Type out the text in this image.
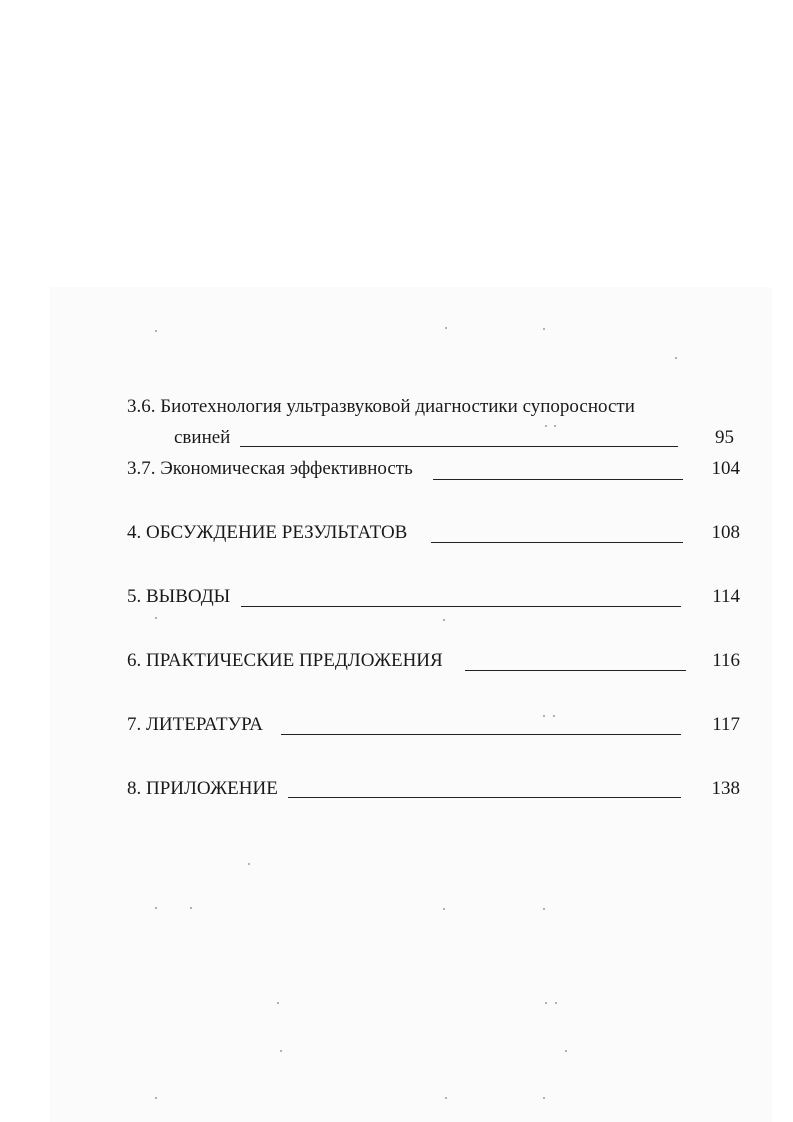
3.6. Биотехнология ультразвуковой диагностики супоросности
свиней	95
3.7. Экономическая эффективность	104
4. ОБСУЖДЕНИЕ РЕЗУЛЬТАТОВ	108
5. ВЫВОДЫ	114
6. ПРАКТИЧЕСКИЕ ПРЕДЛОЖЕНИЯ	116
7. ЛИТЕРАТУРА	117
8. ПРИЛОЖЕНИЕ	138
